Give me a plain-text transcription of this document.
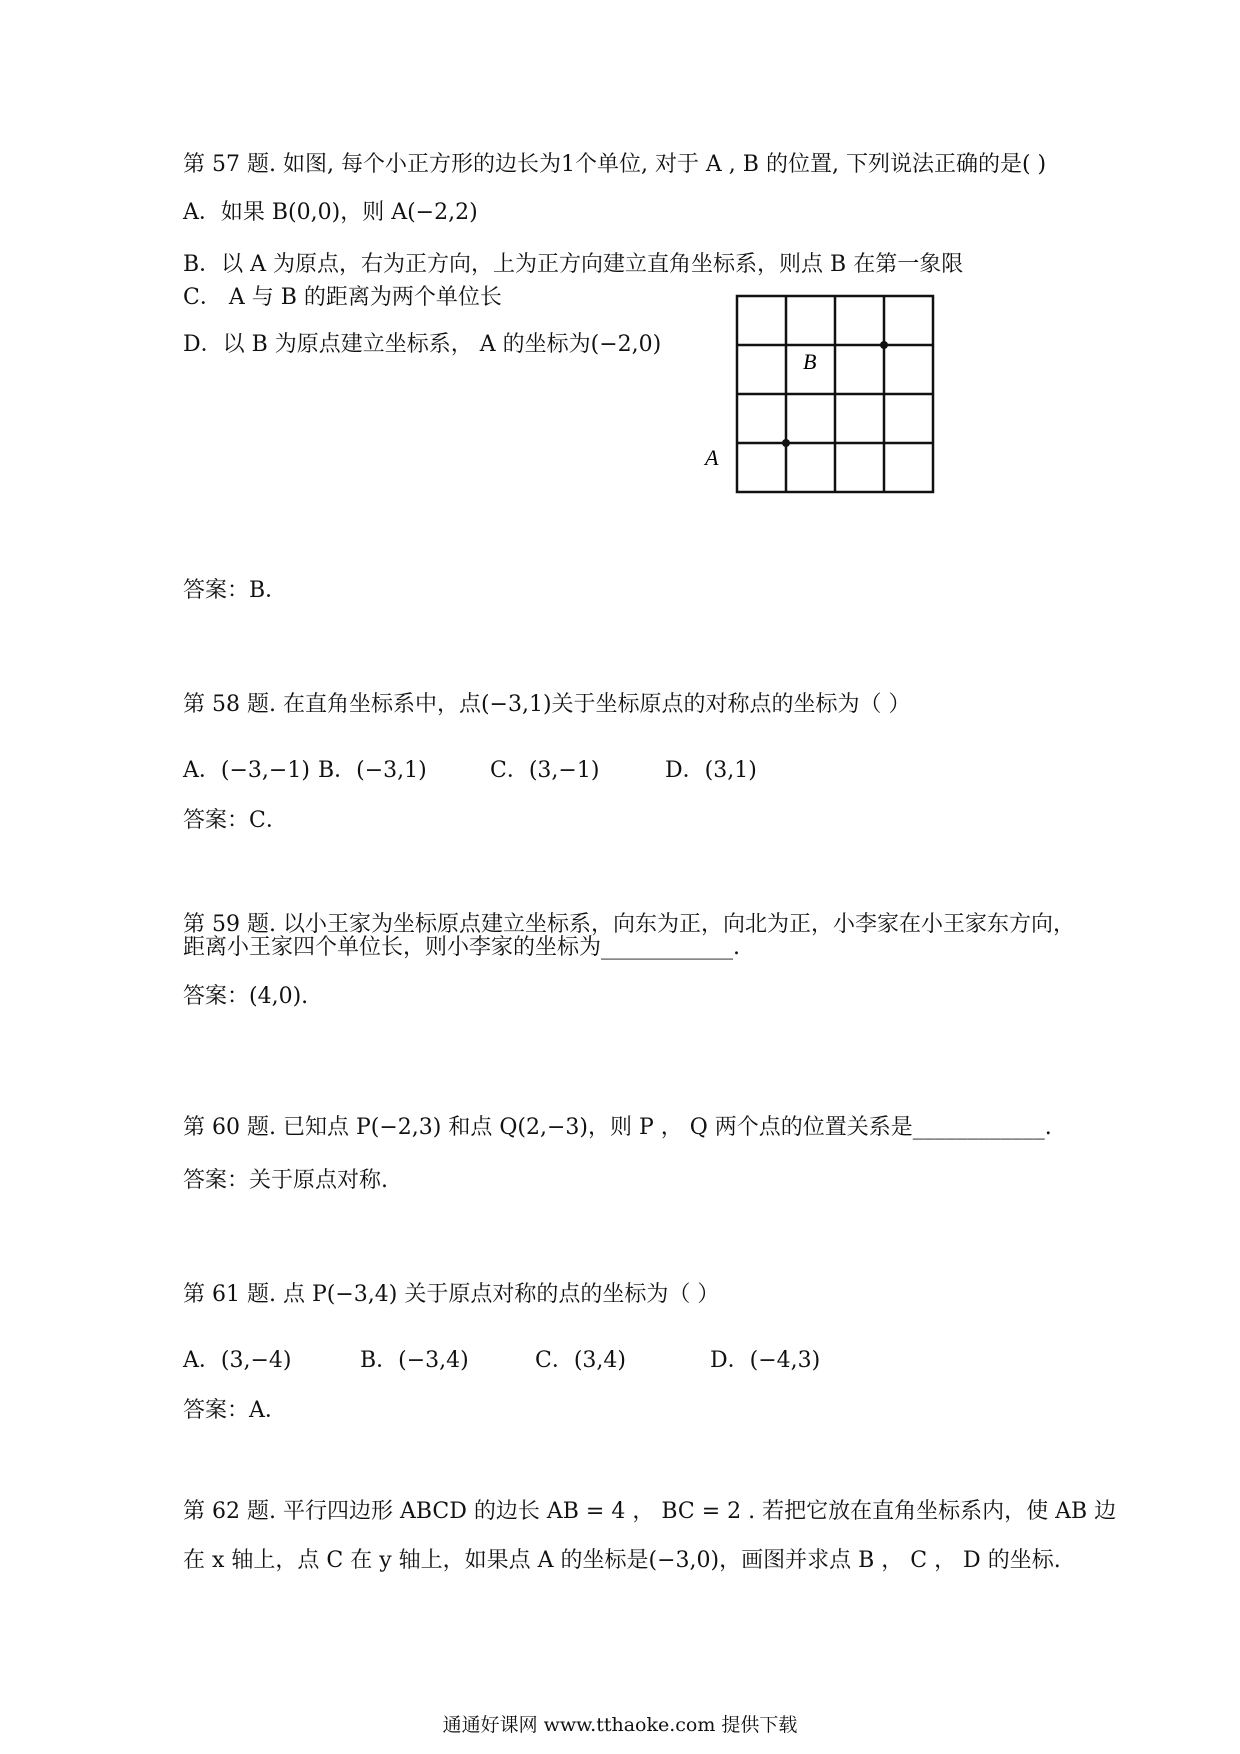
第 57 题. 如图, 每个小正方形的边长为1个单位, 对于 A , B 的位置, 下列说法正确的是( )
A．如果 B(0,0)，则 A(−2,2)
B．以 A 为原点，右为正方向，上为正方向建立直角坐标系，则点 B 在第一象限
C． A 与 B 的距离为两个单位长
D．以 B 为原点建立坐标系， A 的坐标为(−2,0)
B
A
答案：B．
第 58 题. 在直角坐标系中，点(−3,1)关于坐标原点的对称点的坐标为（ ）
A．(−3,−1) B．(−3,1)	C．(3,−1)	D．(3,1)
答案：C．
第 59 题. 以小王家为坐标原点建立坐标系，向东为正，向北为正，小李家在小王家东方向，
距离小王家四个单位长，则小李家的坐标为____________.
答案：(4,0).
第 60 题. 已知点 P(−2,3) 和点 Q(2,−3)，则 P ， Q 两个点的位置关系是____________.
答案：关于原点对称.
第 61 题. 点 P(−3,4) 关于原点对称的点的坐标为（ ）
A．(3,−4)	B．(−3,4)	C．(3,4)	D．(−4,3)
答案：A．
第 62 题. 平行四边形 ABCD 的边长 AB = 4 ， BC = 2 . 若把它放在直角坐标系内，使 AB 边
在 x 轴上，点 C 在 y 轴上，如果点 A 的坐标是(−3,0)，画图并求点 B ， C ， D 的坐标.
通通好课网 www.tthaoke.com 提供下载
